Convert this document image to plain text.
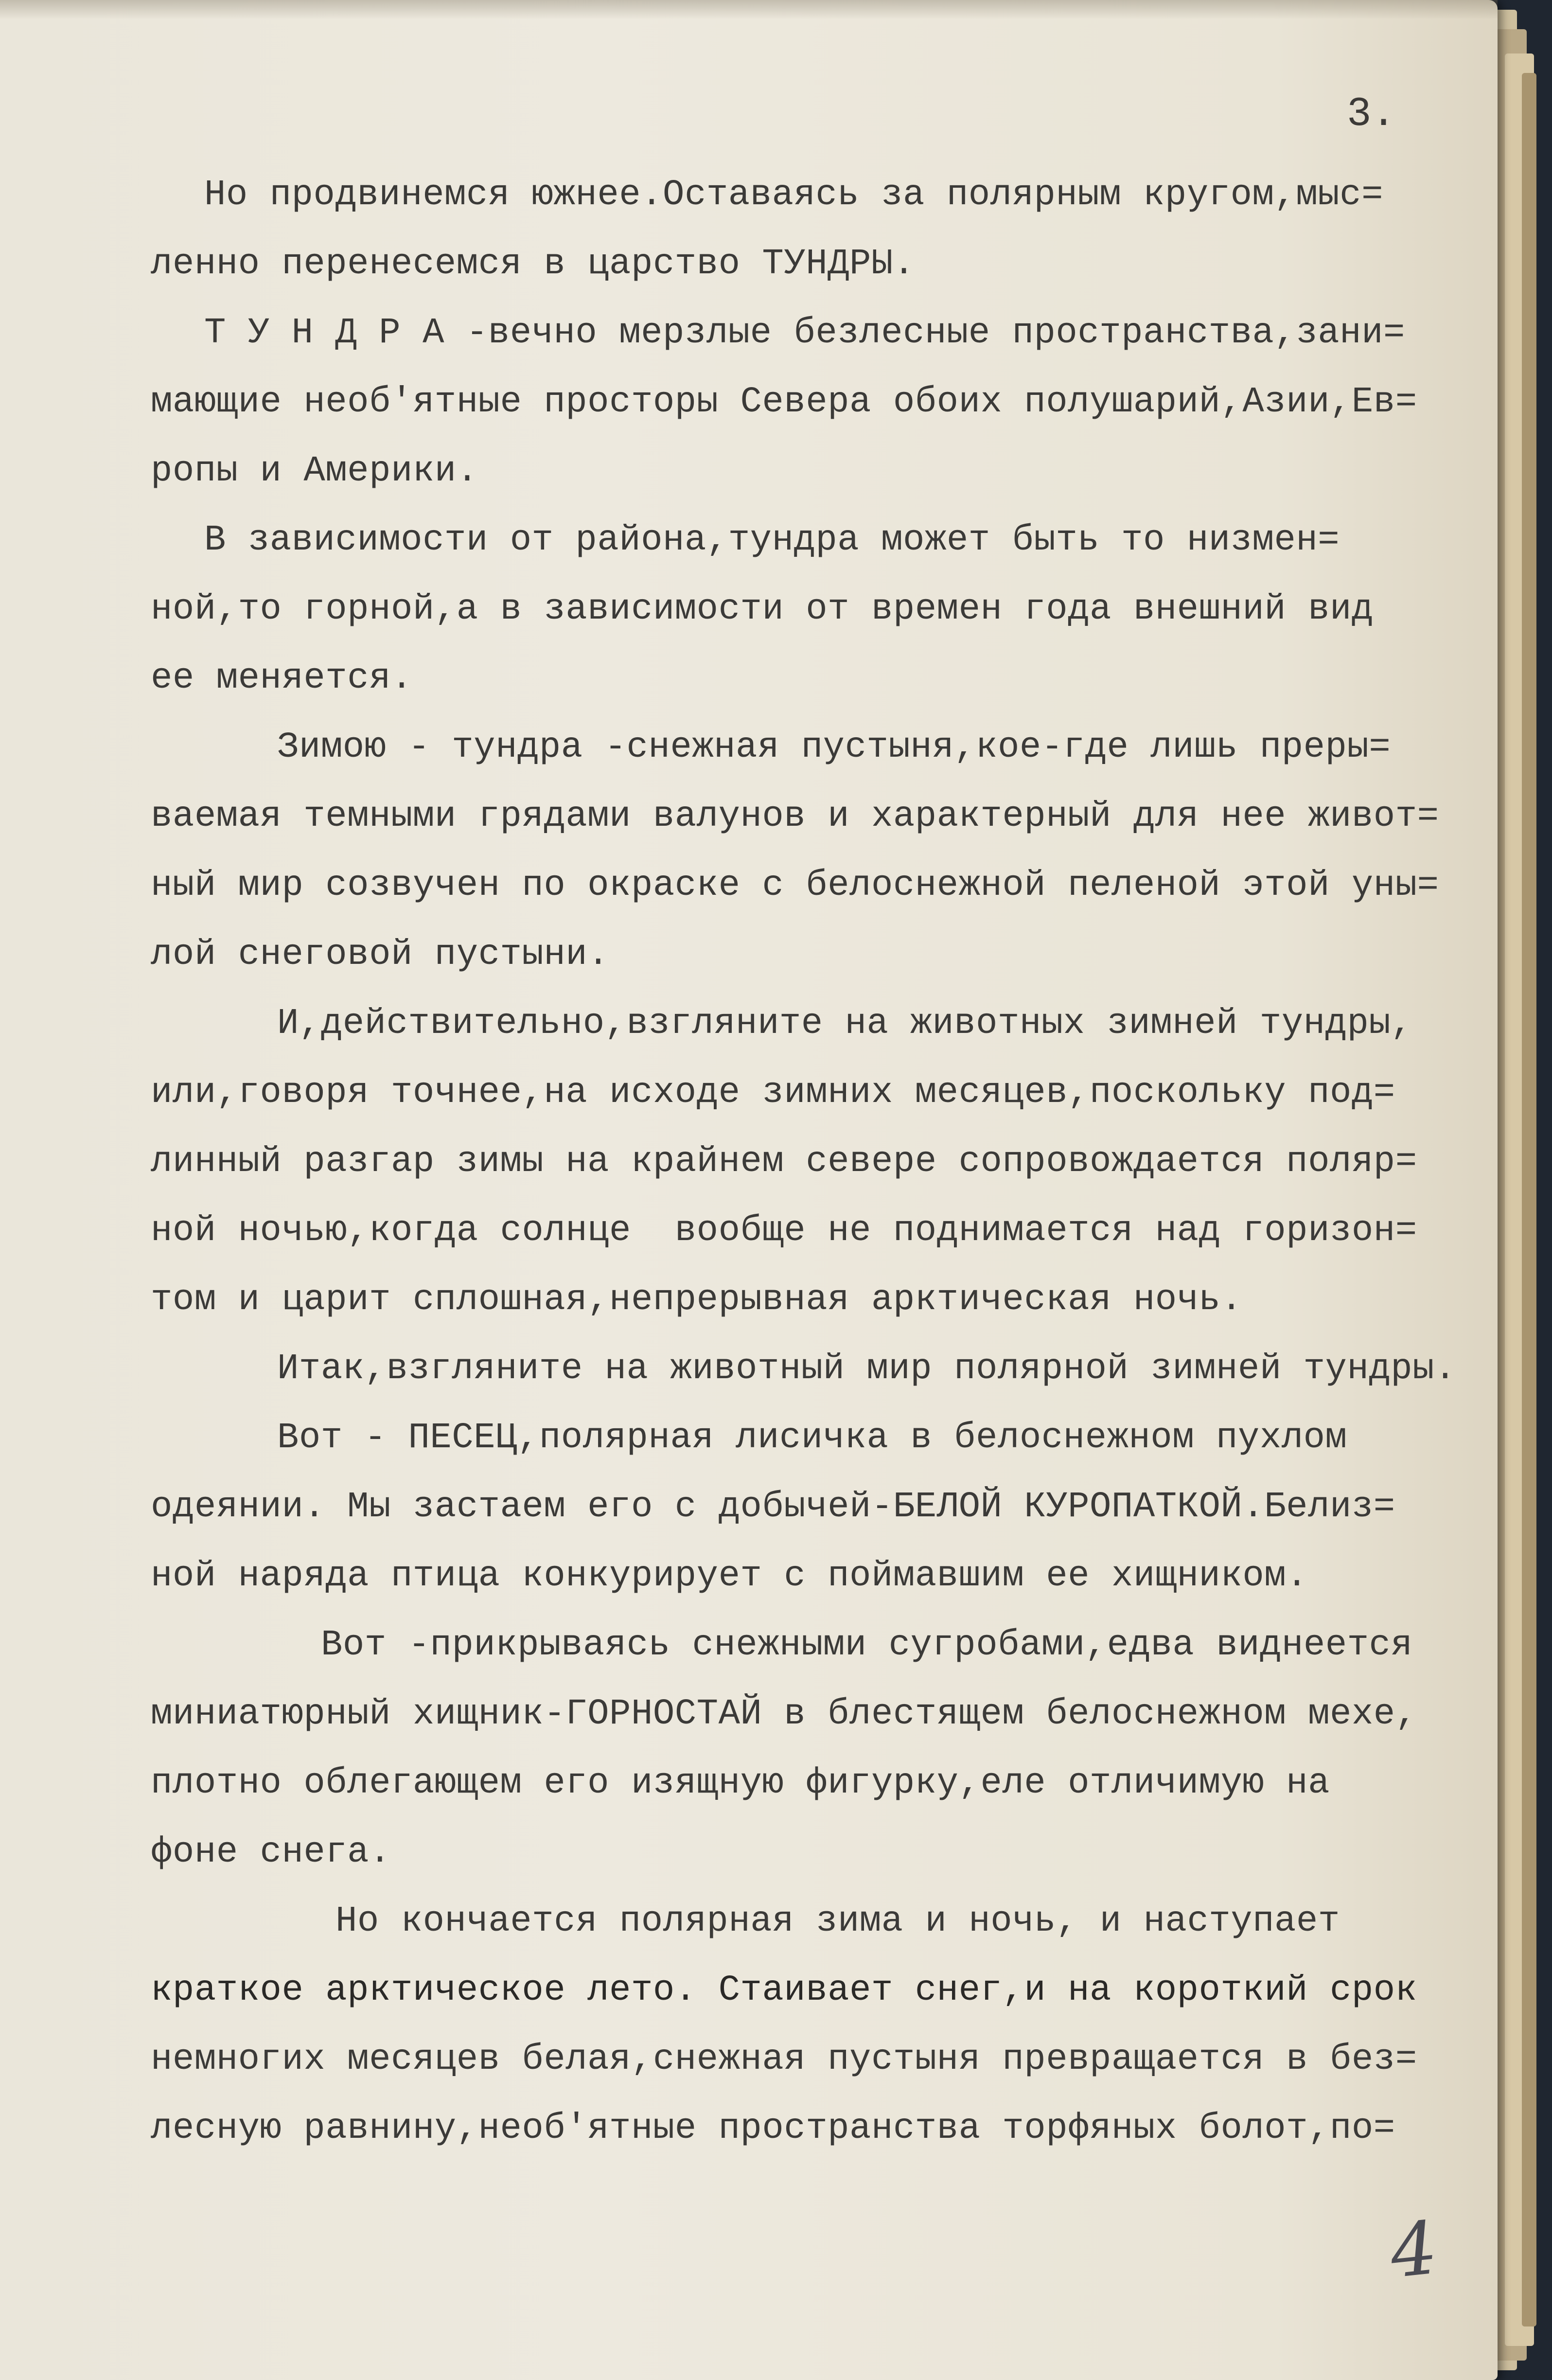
3.
Но продвинемся южнее.Оставаясь за полярным кругом,мыс=
ленно перенесемся в царство ТУНДРЫ.
Т У Н Д Р А -вечно мерзлые безлесные пространства,зани=
мающие необ'ятные просторы Севера обоих полушарий,Азии,Ев=
ропы и Америки.
В зависимости от района,тундра может быть то низмен=
ной,то горной,а в зависимости от времен года внешний вид
ее меняется.
Зимою - тундра -снежная пустыня,кое-где лишь преры=
ваемая темными грядами валунов и характерный для нее живот=
ный мир созвучен по окраске с белоснежной пеленой этой уны=
лой снеговой пустыни.
И,действительно,взгляните на животных зимней тундры,
или,говоря точнее,на исходе зимних месяцев,поскольку под=
линный разгар зимы на крайнем севере сопровождается поляр=
ной ночью,когда солнце  вообще не поднимается над горизон=
том и царит сплошная,непрерывная арктическая ночь.
Итак,взгляните на животный мир полярной зимней тундры.
Вот - ПЕСЕЦ,полярная лисичка в белоснежном пухлом
одеянии. Мы застаем его с добычей-БЕЛОЙ КУРОПАТКОЙ.Белиз=
ной наряда птица конкурирует с поймавшим ее хищником.
Вот -прикрываясь снежными сугробами,едва виднеется
миниатюрный хищник-ГОРНОСТАЙ в блестящем белоснежном мехе,
плотно облегающем его изящную фигурку,еле отличимую на
фоне снега.
Но кончается полярная зима и ночь, и наступает
краткое арктическое лето. Стаивает снег,и на короткий срок
немногих месяцев белая,снежная пустыня превращается в без=
лесную равнину,необ'ятные пространства торфяных болот,по=
4
